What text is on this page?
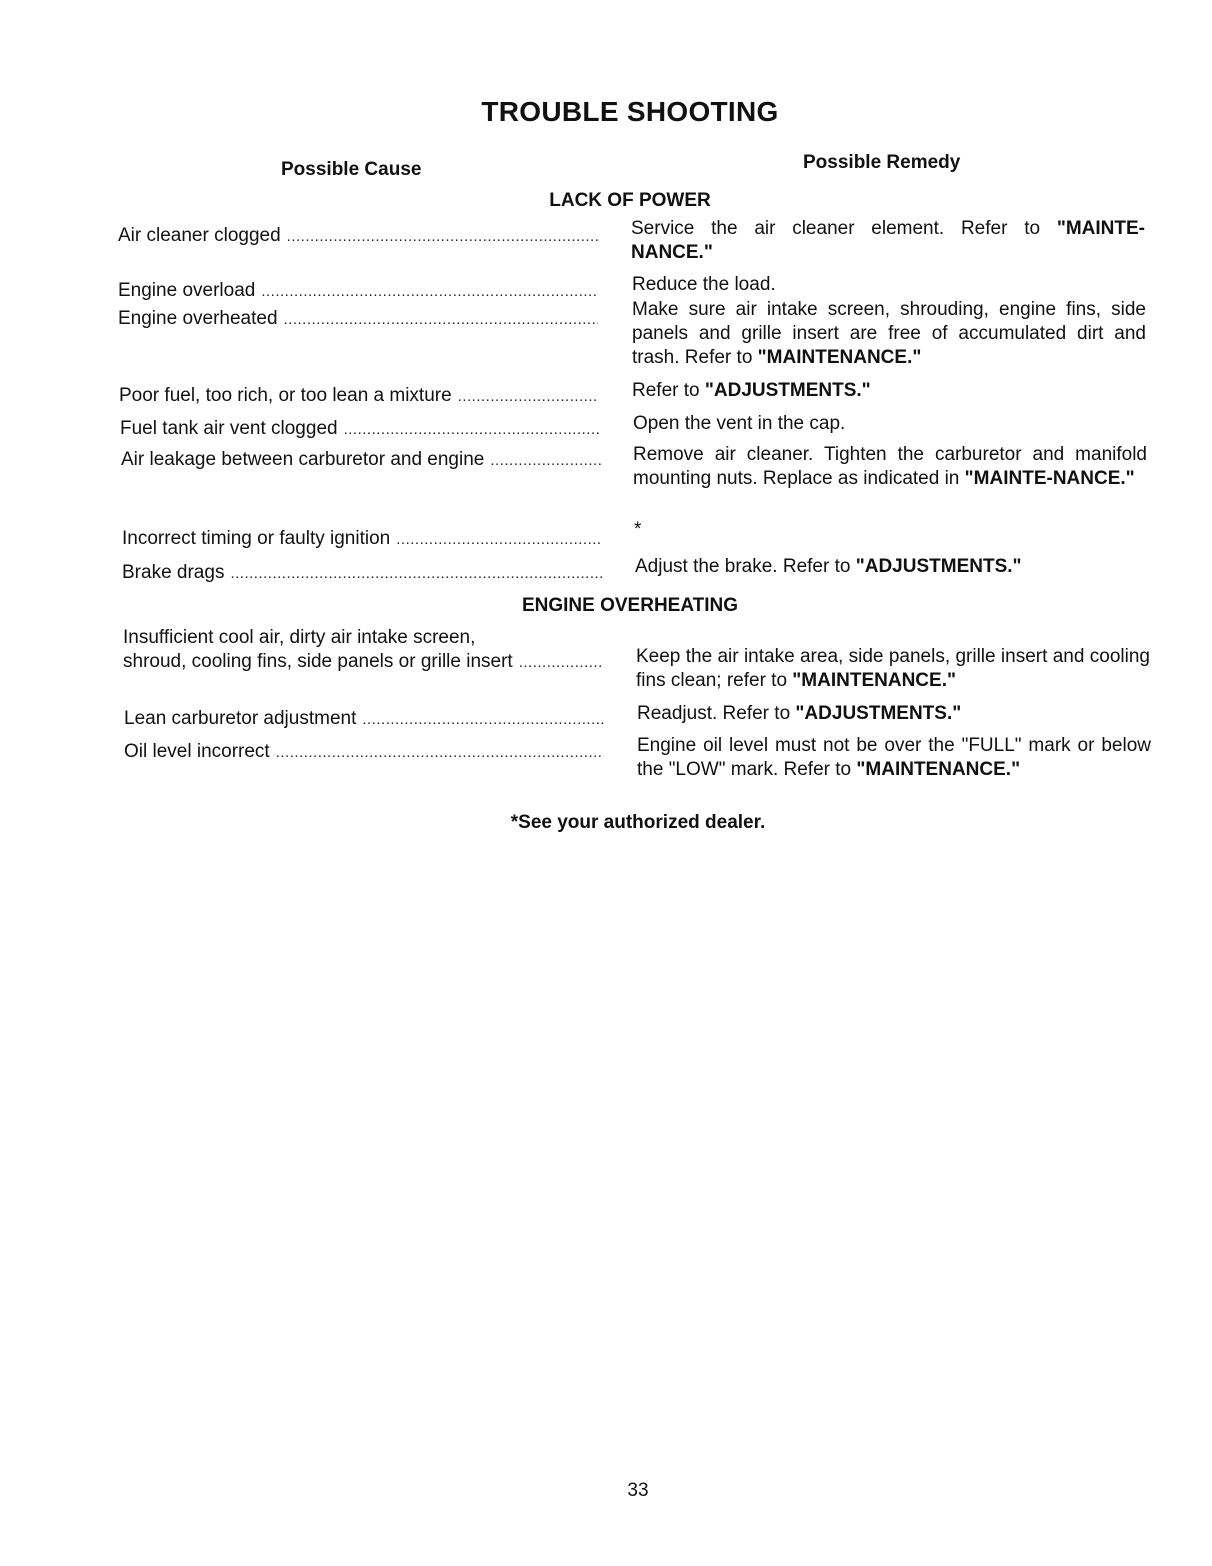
TROUBLE SHOOTING
Possible Cause	Possible Remedy
LACK OF POWER
Air cleaner clogged .....	Service the air cleaner element. Refer to "MAINTE-NANCE."
Engine overload .....	Reduce the load.
Engine overheated .....	Make sure air intake screen, shrouding, engine fins, side panels and grille insert are free of accumulated dirt and trash. Refer to "MAINTENANCE."
Poor fuel, too rich, or too lean a mixture .....	Refer to "ADJUSTMENTS."
Fuel tank air vent clogged .....	Open the vent in the cap.
Air leakage between carburetor and engine .....	Remove air cleaner. Tighten the carburetor and manifold mounting nuts. Replace as indicated in "MAINTE-NANCE."
Incorrect timing or faulty ignition .....	*
Brake drags .....	Adjust the brake. Refer to "ADJUSTMENTS."
ENGINE OVERHEATING
Insufficient cool air, dirty air intake screen,
shroud, cooling fins, side panels or grille insert .....	Keep the air intake area, side panels, grille insert and cooling fins clean; refer to "MAINTENANCE."
Lean carburetor adjustment .....	Readjust. Refer to "ADJUSTMENTS."
Oil level incorrect .....	Engine oil level must not be over the "FULL" mark or below the "LOW" mark. Refer to "MAINTENANCE."
*See your authorized dealer.
33
